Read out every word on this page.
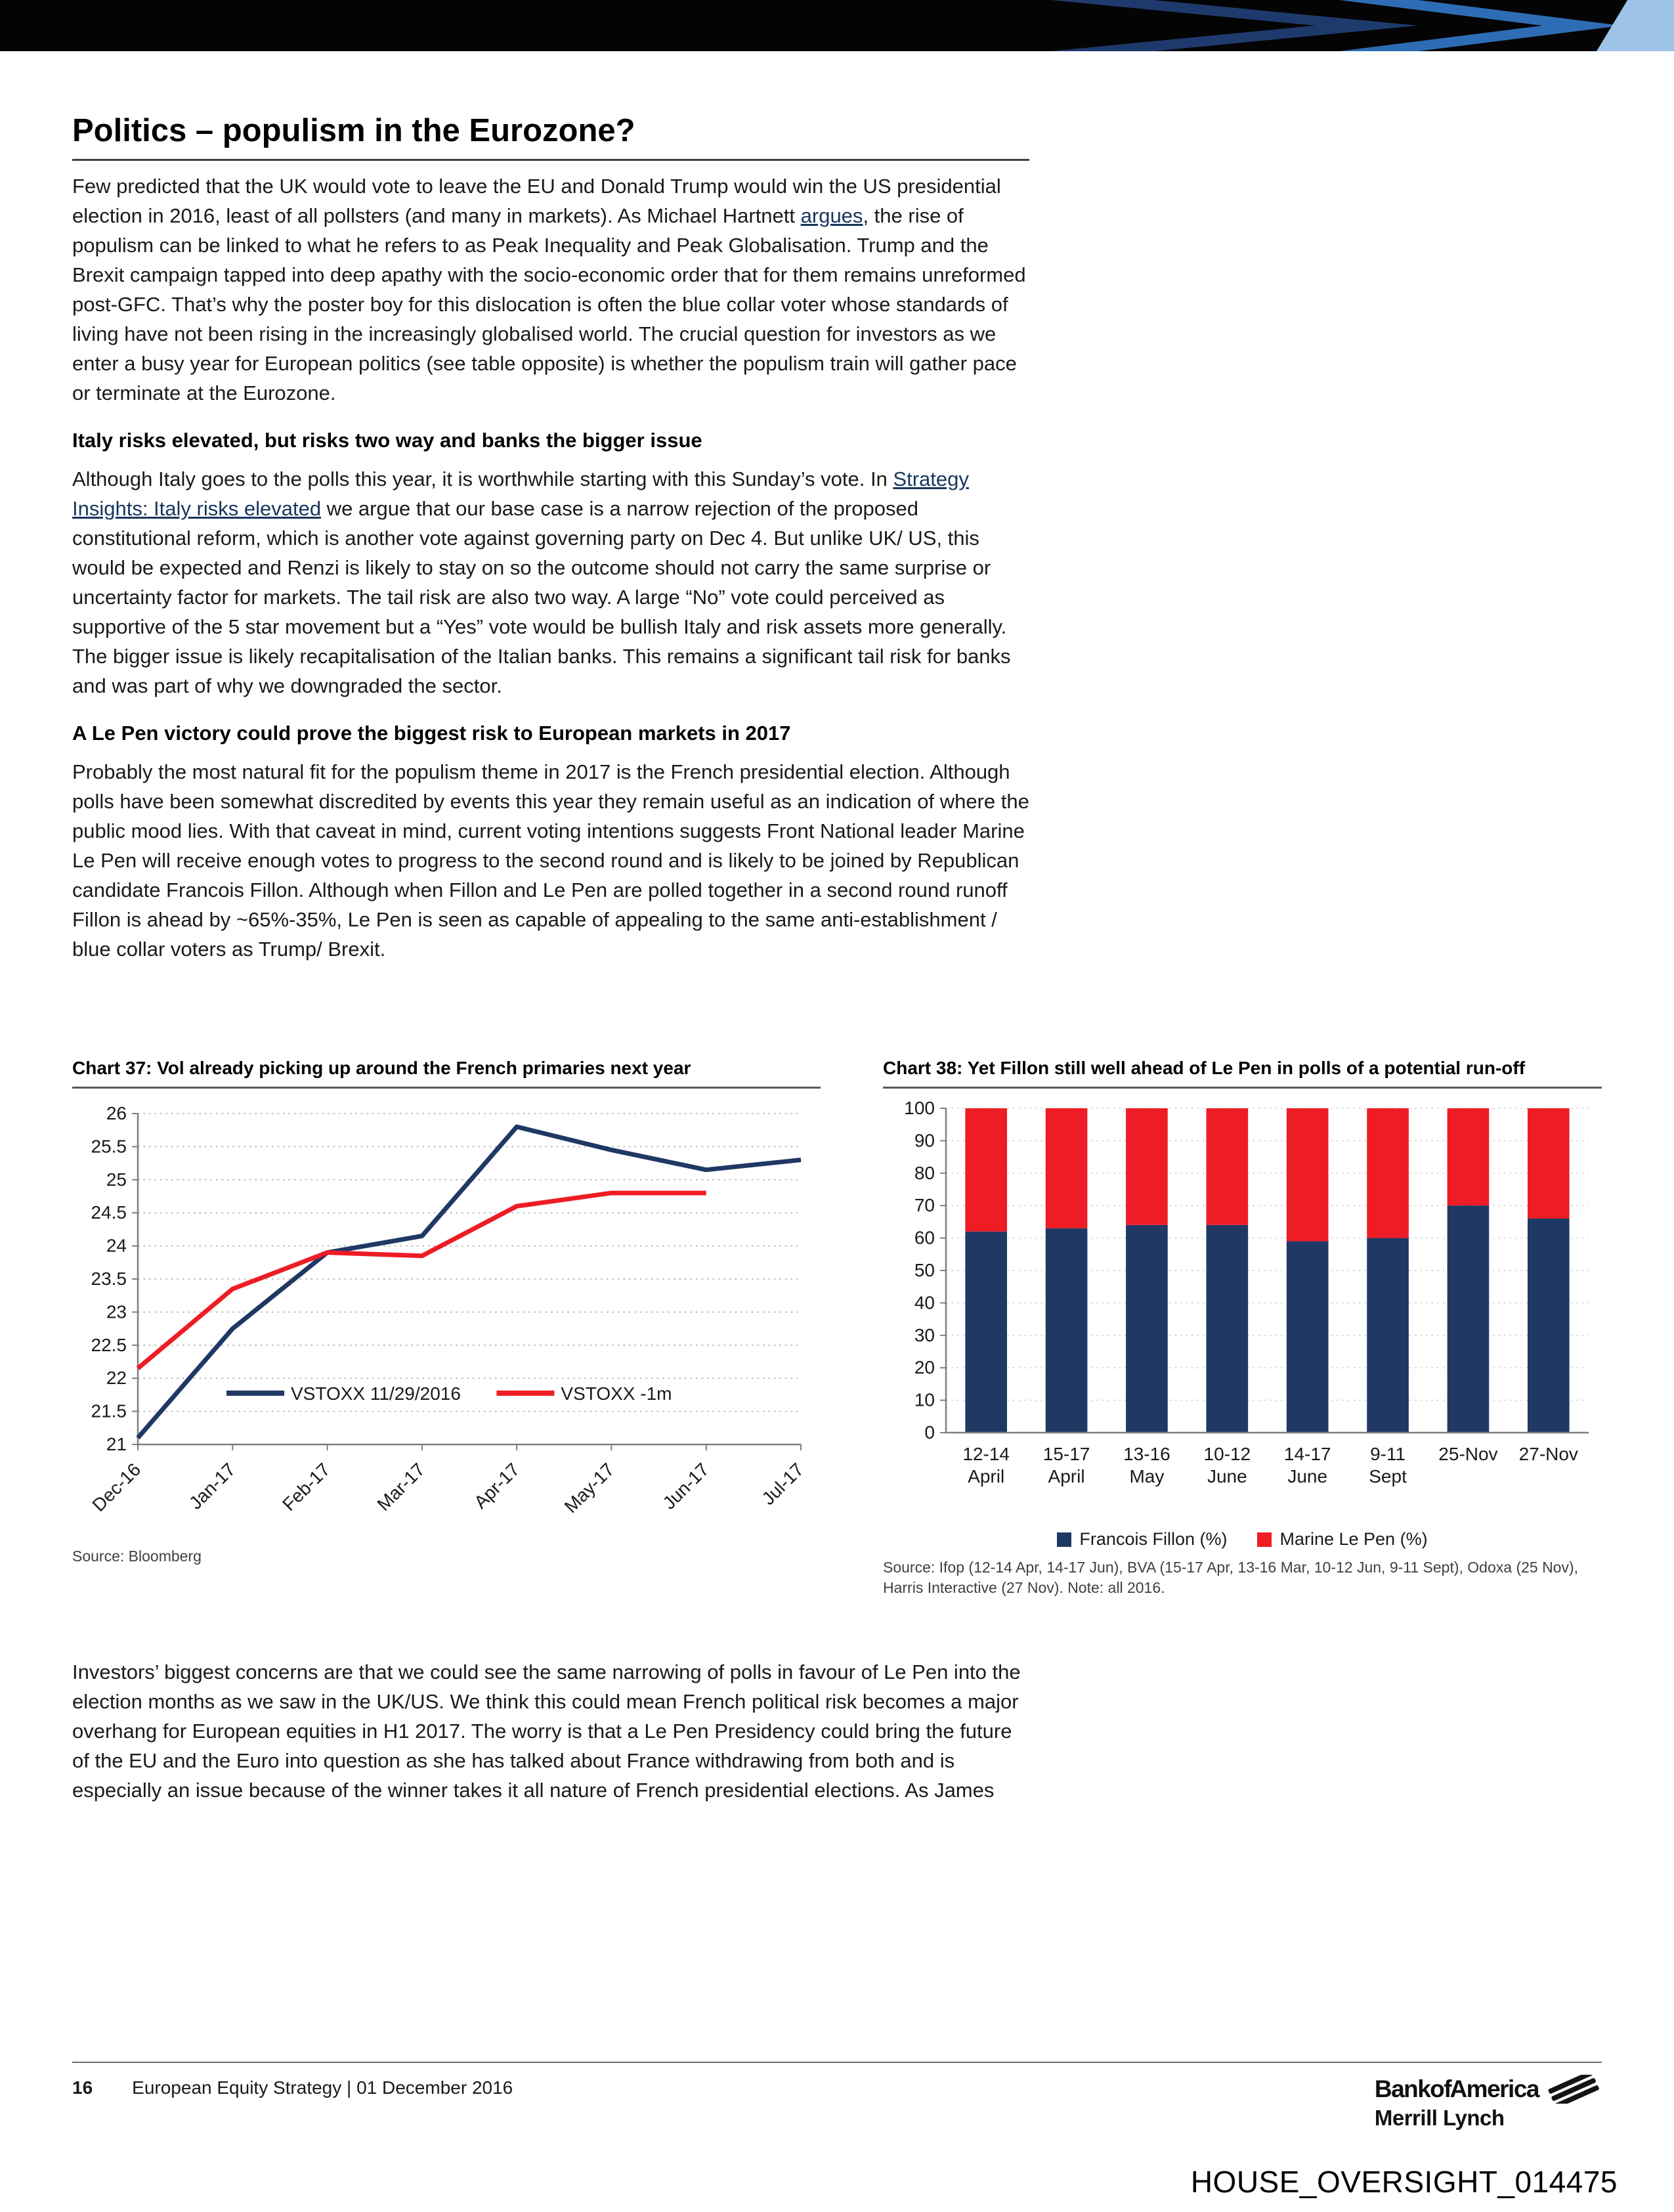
Politics – populism in the Eurozone?

Few predicted that the UK would vote to leave the EU and Donald Trump would win the US presidential election in 2016, least of all pollsters (and many in markets). As Michael Hartnett argues, the rise of populism can be linked to what he refers to as Peak Inequality and Peak Globalisation. Trump and the Brexit campaign tapped into deep apathy with the socio-economic order that for them remains unreformed post-GFC. That’s why the poster boy for this dislocation is often the blue collar voter whose standards of living have not been rising in the increasingly globalised world. The crucial question for investors as we enter a busy year for European politics (see table opposite) is whether the populism train will gather pace or terminate at the Eurozone.

Italy risks elevated, but risks two way and banks the bigger issue

Although Italy goes to the polls this year, it is worthwhile starting with this Sunday’s vote. In Strategy Insights: Italy risks elevated we argue that our base case is a narrow rejection of the proposed constitutional reform, which is another vote against governing party on Dec 4. But unlike UK/ US, this would be expected and Renzi is likely to stay on so the outcome should not carry the same surprise or uncertainty factor for markets. The tail risk are also two way. A large “No” vote could perceived as supportive of the 5 star movement but a “Yes” vote would be bullish Italy and risk assets more generally. The bigger issue is likely recapitalisation of the Italian banks. This remains a significant tail risk for banks and was part of why we downgraded the sector.

A Le Pen victory could prove the biggest risk to European markets in 2017

Probably the most natural fit for the populism theme in 2017 is the French presidential election. Although polls have been somewhat discredited by events this year they remain useful as an indication of where the public mood lies. With that caveat in mind, current voting intentions suggests Front National leader Marine Le Pen will receive enough votes to progress to the second round and is likely to be joined by Republican candidate Francois Fillon. Although when Fillon and Le Pen are polled together in a second round runoff Fillon is ahead by ~65%-35%, Le Pen is seen as capable of appealing to the same anti-establishment / blue collar voters as Trump/ Brexit.

Chart 37: Vol already picking up around the French primaries next year
21
21.5
22
22.5
23
23.5
24
24.5
25
25.5
26
Dec-16 Jan-17 Feb-17 Mar-17 Apr-17 May-17 Jun-17 Jul-17
VSTOXX 11/29/2016	VSTOXX -1m
Source: Bloomberg
Chart 38: Yet Fillon still well ahead of Le Pen in polls of a potential run-off
0
10
20
30
40
50
60
70
80
90
100
12-14 April
15-17 April
13-16 May
10-12 June
14-17 June
9-11 Sept
25-Nov 27-Nov
Francois Fillon (%)	Marine Le Pen (%)
Source: Ifop (12-14 Apr, 14-17 Jun), BVA (15-17 Apr, 13-16 Mar, 10-12 Jun, 9-11 Sept), Odoxa (25 Nov), Harris Interactive (27 Nov). Note: all 2016.

Investors’ biggest concerns are that we could see the same narrowing of polls in favour of Le Pen into the election months as we saw in the UK/US. We think this could mean French political risk becomes a major overhang for European equities in H1 2017. The worry is that a Le Pen Presidency could bring the future of the EU and the Euro into question as she has talked about France withdrawing from both and is especially an issue because of the winner takes it all nature of French presidential elections. As James

16 European Equity Strategy | 01 December 2016	Bank of America
Merrill Lynch
HOUSE_OVERSIGHT_014475
